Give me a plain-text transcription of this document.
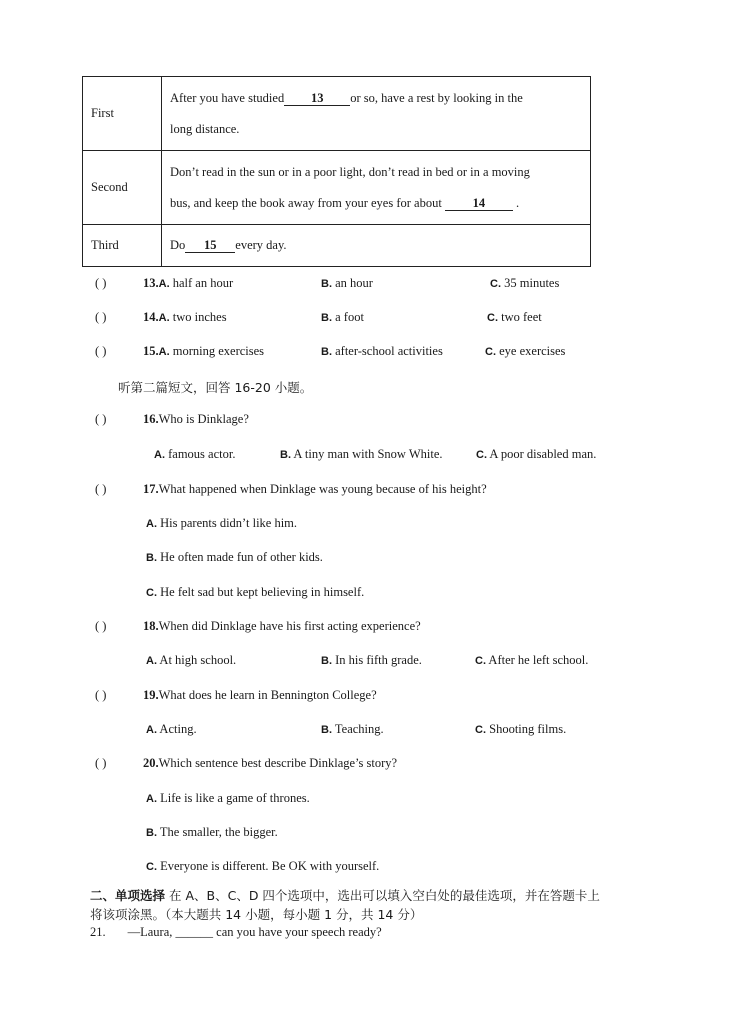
First	After you have studied 13 or so, have a rest by looking in the
long distance.
Second	Don’t read in the sun or in a poor light, don’t read in bed or in a moving
bus, and keep the book away from your eyes for about 14 .
Third	Do 15 every day.
( )	13.A. half an hour	B. an hour	C. 35 minutes
( )	14.A. two inches	B. a foot	C. two feet
( )	15.A. morning exercises	B. after-school activities	C. eye exercises
听第二篇短文，回答 16-20 小题。
( )	16.Who is Dinklage?
A. famous actor.	B. A tiny man with Snow White.	C. A poor disabled man.
( )	17.What happened when Dinklage was young because of his height?
A. His parents didn’t like him.
B. He often made fun of other kids.
C. He felt sad but kept believing in himself.
( )	18.When did Dinklage have his first acting experience?
A. At high school.	B. In his fifth grade.	C. After he left school.
( )	19.What does he learn in Bennington College?
A. Acting.	B. Teaching.	C. Shooting films.
( )	20.Which sentence best describe Dinklage’s story?
A. Life is like a game of thrones.
B. The smaller, the bigger.
C. Everyone is different. Be OK with yourself.
二、单项选择 在 A、B、C、D 四个选项中，选出可以填入空白处的最佳选项，并在答题卡上
将该项涂黑。（本大题共 14 小题，每小题 1 分，共 14 分）
21. —Laura, ______ can you have your speech ready?
